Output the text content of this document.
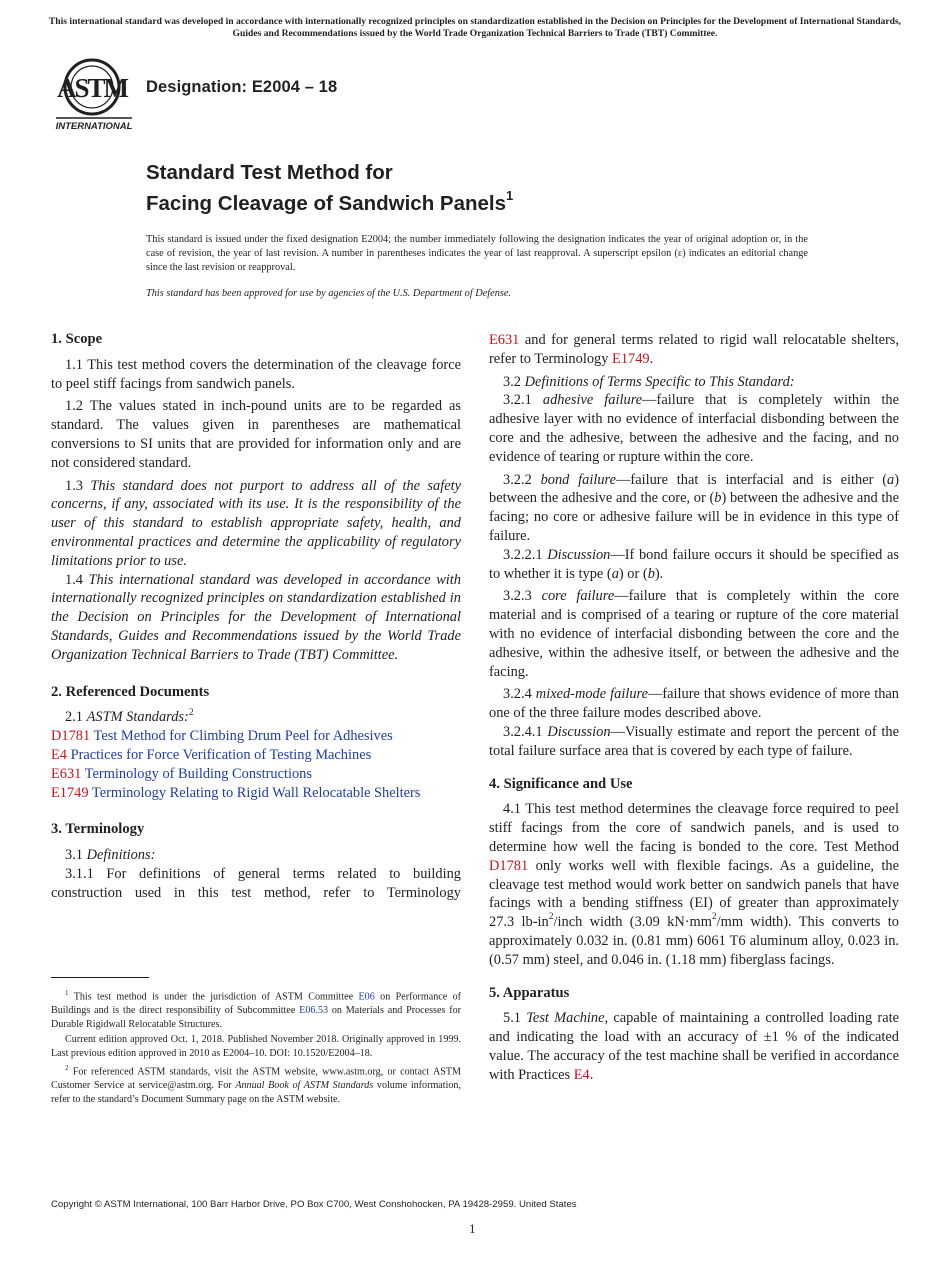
This international standard was developed in accordance with internationally recognized principles on standardization established in the Decision on Principles for the Development of International Standards, Guides and Recommendations issued by the World Trade Organization Technical Barriers to Trade (TBT) Committee.
ASTM
INTERNATIONAL
Designation: E2004 – 18
Standard Test Method for
Facing Cleavage of Sandwich Panels$^1$
This standard is issued under the fixed designation E2004; the number immediately following the designation indicates the year of original adoption or, in the case of revision, the year of last revision. A number in parentheses indicates the year of last reapproval. A superscript epsilon (ε) indicates an editorial change since the last revision or reapproval.
This standard has been approved for use by agencies of the U.S. Department of Defense.
1. Scope

1.1 This test method covers the determination of the cleavage force to peel stiff facings from sandwich panels.

1.2 The values stated in inch-pound units are to be regarded as standard. The values given in parentheses are mathematical conversions to SI units that are provided for information only and are not considered standard.

1.3 This standard does not purport to address all of the safety concerns, if any, associated with its use. It is the responsibility of the user of this standard to establish appropriate safety, health, and environmental practices and determine the applicability of regulatory limitations prior to use.

1.4 This international standard was developed in accordance with internationally recognized principles on standardization established in the Decision on Principles for the Development of International Standards, Guides and Recommendations issued by the World Trade Organization Technical Barriers to Trade (TBT) Committee.

2. Referenced Documents

2.1 ASTM Standards:$^2$

D1781 Test Method for Climbing Drum Peel for Adhesives
E4 Practices for Force Verification of Testing Machines
E631 Terminology of Building Constructions
E1749 Terminology Relating to Rigid Wall Relocatable Shelters
3. Terminology

3.1 Definitions:

3.1.1 For definitions of general terms related to building construction used in this test method, refer to Terminology

$^1$ This test method is under the jurisdiction of ASTM Committee E06 on Performance of Buildings and is the direct responsibility of Subcommittee E06.53 on Materials and Processes for Durable Rigidwall Relocatable Structures.

Current edition approved Oct. 1, 2018. Published November 2018. Originally approved in 1999. Last previous edition approved in 2010 as E2004–10. DOI: 10.1520/E2004–18.

$^2$ For referenced ASTM standards, visit the ASTM website, www.astm.org, or contact ASTM Customer Service at service@astm.org. For Annual Book of ASTM Standards volume information, refer to the standard’s Document Summary page on the ASTM website.

E631 and for general terms related to rigid wall relocatable shelters, refer to Terminology E1749.

3.2 Definitions of Terms Specific to This Standard:

3.2.1 adhesive failure—failure that is completely within the adhesive layer with no evidence of interfacial disbonding between the core and the adhesive, between the adhesive and the facing, and no evidence of tearing or rupture within the core.

3.2.2 bond failure—failure that is interfacial and is either (a) between the adhesive and the core, or (b) between the adhesive and the facing; no core or adhesive failure will be in evidence in this type of failure.

3.2.2.1 Discussion—If bond failure occurs it should be specified as to whether it is type (a) or (b).

3.2.3 core failure—failure that is completely within the core material and is comprised of a tearing or rupture of the core material with no evidence of interfacial disbonding between the core and the adhesive, within the adhesive itself, or between the adhesive and the facing.

3.2.4 mixed-mode failure—failure that shows evidence of more than one of the three failure modes described above.

3.2.4.1 Discussion—Visually estimate and report the percent of the total failure surface area that is covered by each type of failure.

4. Significance and Use

4.1 This test method determines the cleavage force required to peel stiff facings from the core of sandwich panels, and is used to determine how well the facing is bonded to the core. Test Method D1781 only works well with flexible facings. As a guideline, the cleavage test method would work better on sandwich panels that have facings with a bending stiffness (EI) of greater than approximately 27.3 $lb-in^2$/inch width (3.09 $kN\cdot mm^2/mm$ width). This converts to approximately 0.032 in. (0.81 mm) 6061 T6 aluminum alloy, 0.023 in. (0.57 mm) steel, and 0.046 in. (1.18 mm) fiberglass facings.

5. Apparatus

5.1 Test Machine, capable of maintaining a controlled loading rate and indicating the load with an accuracy of ±1 % of the indicated value. The accuracy of the test machine shall be verified in accordance with Practices E4.

Copyright © ASTM International, 100 Barr Harbor Drive, PO Box C700, West Conshohocken, PA 19428-2959. United States
1
